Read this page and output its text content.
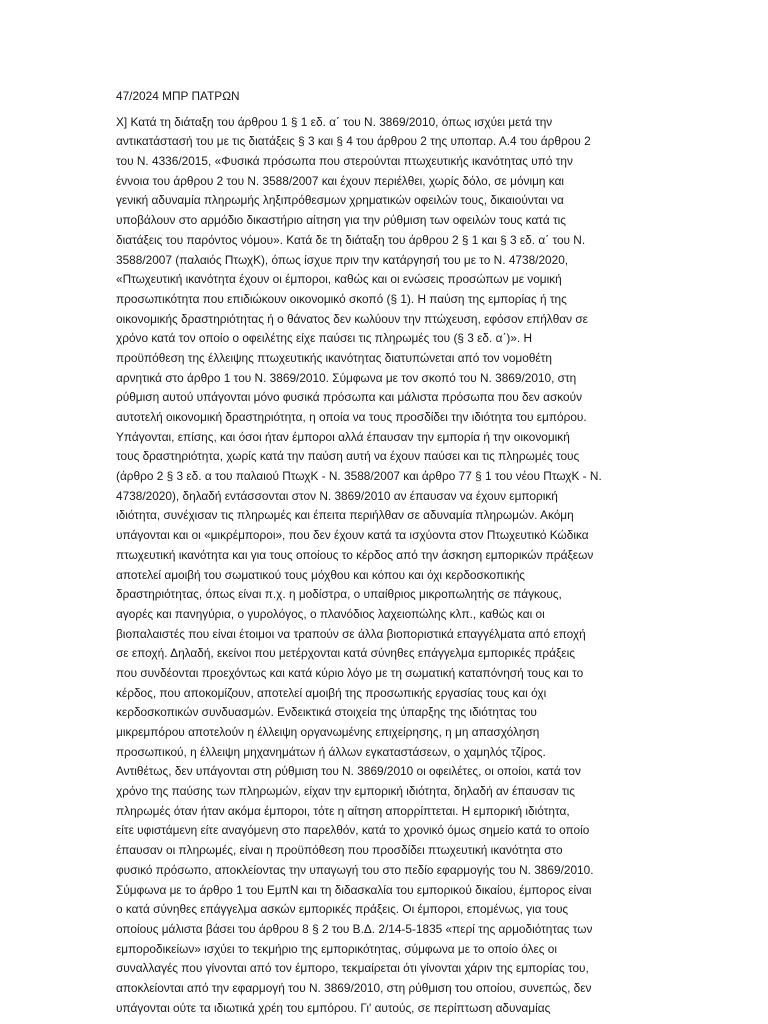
47/2024 ΜΠΡ ΠΑΤΡΩΝ
Χ] Κατά τη διάταξη του άρθρου 1 § 1 εδ. α΄ του Ν. 3869/2010, όπως ισχύει μετά την
αντικατάστασή του με τις διατάξεις § 3 και § 4 του άρθρου 2 της υποπαρ. Α.4 του άρθρου 2
του Ν. 4336/2015, «Φυσικά πρόσωπα που στερούνται πτωχευτικής ικανότητας υπό την
έννοια του άρθρου 2 του Ν. 3588/2007 και έχουν περιέλθει, χωρίς δόλο, σε μόνιμη και
γενική αδυναμία πληρωμής ληξιπρόθεσμων χρηματικών οφειλών τους, δικαιούνται να
υποβάλουν στο αρμόδιο δικαστήριο αίτηση για την ρύθμιση των οφειλών τους κατά τις
διατάξεις του παρόντος νόμου». Κατά δε τη διάταξη του άρθρου 2 § 1 και § 3 εδ. α΄ του Ν.
3588/2007 (παλαιός ΠτωχΚ), όπως ίσχυε πριν την κατάργησή του με το Ν. 4738/2020,
«Πτωχευτική ικανότητα έχουν οι έμποροι, καθώς και οι ενώσεις προσώπων με νομική
προσωπικότητα που επιδιώκουν οικονομικό σκοπό (§ 1). Η παύση της εμπορίας ή της
οικονομικής δραστηριότητας ή ο θάνατος δεν κωλύουν την πτώχευση, εφόσον επήλθαν σε
χρόνο κατά τον οποίο ο οφειλέτης είχε παύσει τις πληρωμές του (§ 3 εδ. α΄)». Η
προϋπόθεση της έλλειψης πτωχευτικής ικανότητας διατυπώνεται από τον νομοθέτη
αρνητικά στο άρθρο 1 του Ν. 3869/2010. Σύμφωνα με τον σκοπό του Ν. 3869/2010, στη
ρύθμιση αυτού υπάγονται μόνο φυσικά πρόσωπα και μάλιστα πρόσωπα που δεν ασκούν
αυτοτελή οικονομική δραστηριότητα, η οποία να τους προσδίδει την ιδιότητα του εμπόρου.
Υπάγονται, επίσης, και όσοι ήταν έμποροι αλλά έπαυσαν την εμπορία ή την οικονομική
τους δραστηριότητα, χωρίς κατά την παύση αυτή να έχουν παύσει και τις πληρωμές τους
(άρθρο 2 § 3 εδ. α του παλαιού ΠτωχΚ - Ν. 3588/2007 και άρθρο 77 § 1 του νέου ΠτωχΚ - Ν.
4738/2020), δηλαδή εντάσσονται στον Ν. 3869/2010 αν έπαυσαν να έχουν εμπορική
ιδιότητα, συνέχισαν τις πληρωμές και έπειτα περιήλθαν σε αδυναμία πληρωμών. Ακόμη
υπάγονται και οι «μικρέμποροι», που δεν έχουν κατά τα ισχύοντα στον Πτωχευτικό Κώδικα
πτωχευτική ικανότητα και για τους οποίους το κέρδος από την άσκηση εμπορικών πράξεων
αποτελεί αμοιβή του σωματικού τους μόχθου και κόπου και όχι κερδοσκοπικής
δραστηριότητας, όπως είναι π.χ. η μοδίστρα, ο υπαίθριος μικροπωλητής σε πάγκους,
αγορές και πανηγύρια, ο γυρολόγος, ο πλανόδιος λαχειοπώλης κλπ., καθώς και οι
βιοπαλαιστές που είναι έτοιμοι να τραπούν σε άλλα βιοποριστικά επαγγέλματα από εποχή
σε εποχή. Δηλαδή, εκείνοι που μετέρχονται κατά σύνηθες επάγγελμα εμπορικές πράξεις
που συνδέονται προεχόντως και κατά κύριο λόγο με τη σωματική καταπόνησή τους και το
κέρδος, που αποκομίζουν, αποτελεί αμοιβή της προσωπικής εργασίας τους και όχι
κερδοσκοπικών συνδυασμών. Ενδεικτικά στοιχεία της ύπαρξης της ιδιότητας του
μικρεμπόρου αποτελούν η έλλειψη οργανωμένης επιχείρησης, η μη απασχόληση
προσωπικού, η έλλειψη μηχανημάτων ή άλλων εγκαταστάσεων, ο χαμηλός τζίρος.
Αντιθέτως, δεν υπάγονται στη ρύθμιση του Ν. 3869/2010 οι οφειλέτες, οι οποίοι, κατά τον
χρόνο της παύσης των πληρωμών, είχαν την εμπορική ιδιότητα, δηλαδή αν έπαυσαν τις
πληρωμές όταν ήταν ακόμα έμποροι, τότε η αίτηση απορρίπτεται. Η εμπορική ιδιότητα,
είτε υφιστάμενη είτε αναγόμενη στο παρελθόν, κατά το χρονικό όμως σημείο κατά το οποίο
έπαυσαν οι πληρωμές, είναι η προϋπόθεση που προσδίδει πτωχευτική ικανότητα στο
φυσικό πρόσωπο, αποκλείοντας την υπαγωγή του στο πεδίο εφαρμογής του Ν. 3869/2010.
Σύμφωνα με το άρθρο 1 του ΕμπΝ και τη διδασκαλία του εμπορικού δικαίου, έμπορος είναι
ο κατά σύνηθες επάγγελμα ασκών εμπορικές πράξεις. Οι έμποροι, επομένως, για τους
οποίους μάλιστα βάσει του άρθρου 8 § 2 του Β.Δ. 2/14-5-1835 «περί της αρμοδιότητας των
εμποροδικείων» ισχύει το τεκμήριο της εμπορικότητας, σύμφωνα με το οποίο όλες οι
συναλλαγές που γίνονται από τον έμπορο, τεκμαίρεται ότι γίνονται χάριν της εμπορίας του,
αποκλείονται από την εφαρμογή του Ν. 3869/2010, στη ρύθμιση του οποίου, συνεπώς, δεν
υπάγονται ούτε τα ιδιωτικά χρέη του εμπόρου. Γι' αυτούς, σε περίπτωση αδυναμίας
